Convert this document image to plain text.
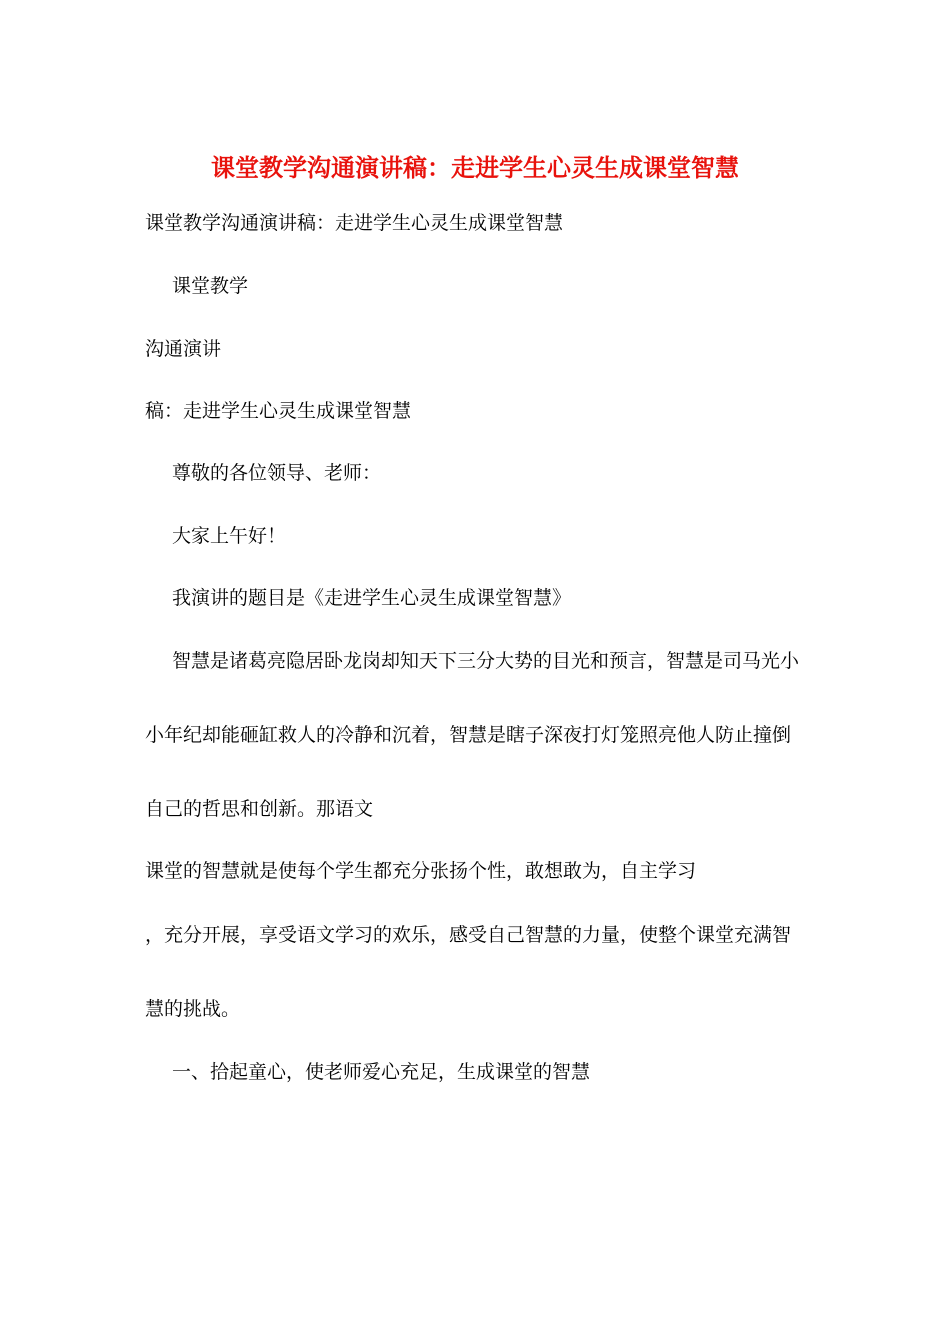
课堂教学沟通演讲稿：走进学生心灵生成课堂智慧
课堂教学沟通演讲稿：走进学生心灵生成课堂智慧
课堂教学
沟通演讲
稿：走进学生心灵生成课堂智慧
尊敬的各位领导、老师：
大家上午好！
我演讲的题目是《走进学生心灵生成课堂智慧》
智慧是诸葛亮隐居卧龙岗却知天下三分大势的目光和预言，智慧是司马光小
小年纪却能砸缸救人的冷静和沉着，智慧是瞎子深夜打灯笼照亮他人防止撞倒
自己的哲思和创新。那语文
课堂的智慧就是使每个学生都充分张扬个性，敢想敢为，自主学习
，充分开展，享受语文学习的欢乐，感受自己智慧的力量，使整个课堂充满智
慧的挑战。
一、拾起童心，使老师爱心充足，生成课堂的智慧
